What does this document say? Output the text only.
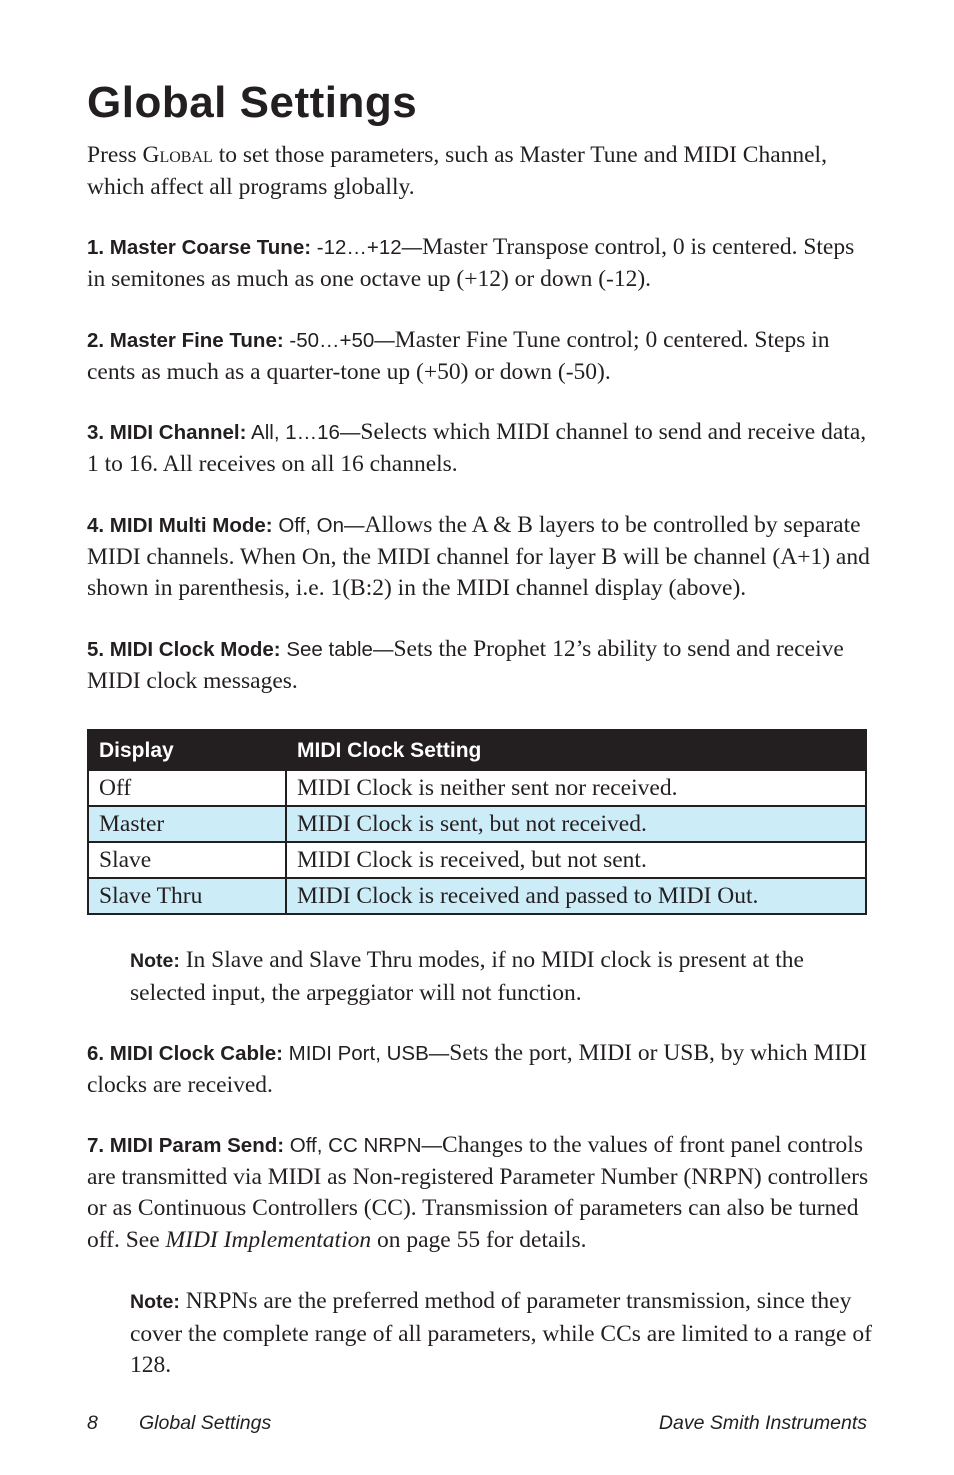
Global Settings

Press Global to set those parameters, such as Master Tune and MIDI Channel, which affect all programs globally.

1. Master Coarse Tune: -12…+12—Master Transpose control, 0 is centered. Steps in semitones as much as one octave up (+12) or down (-12).

2. Master Fine Tune: -50…+50—Master Fine Tune control; 0 centered. Steps in cents as much as a quarter-tone up (+50) or down (-50).

3. MIDI Channel: All, 1…16—Selects which MIDI channel to send and receive data, 1 to 16. All receives on all 16 channels.

4. MIDI Multi Mode: Off, On—Allows the A & B layers to be controlled by separate MIDI channels. When On, the MIDI channel for layer B will be channel (A+1) and shown in parenthesis, i.e. 1(B:2) in the MIDI channel display (above).

5. MIDI Clock Mode: See table—Sets the Prophet 12’s ability to send and receive MIDI clock messages.

Display	MIDI Clock Setting
Off	MIDI Clock is neither sent nor received.
Master	MIDI Clock is sent, but not received.
Slave	MIDI Clock is received, but not sent.
Slave Thru	MIDI Clock is received and passed to MIDI Out.

Note: In Slave and Slave Thru modes, if no MIDI clock is present at the selected input, the arpeggiator will not function.

6. MIDI Clock Cable: MIDI Port, USB—Sets the port, MIDI or USB, by which MIDI clocks are received.

7. MIDI Param Send: Off, CC NRPN—Changes to the values of front panel controls are transmitted via MIDI as Non-registered Parameter Number (NRPN) controllers or as Continuous Controllers (CC). Transmission of parameters can also be turned off. See MIDI Implementation on page 55 for details.

Note: NRPNs are the preferred method of parameter transmission, since they cover the complete range of all parameters, while CCs are limited to a range of 128.

8 Global Settings	Dave Smith Instruments
